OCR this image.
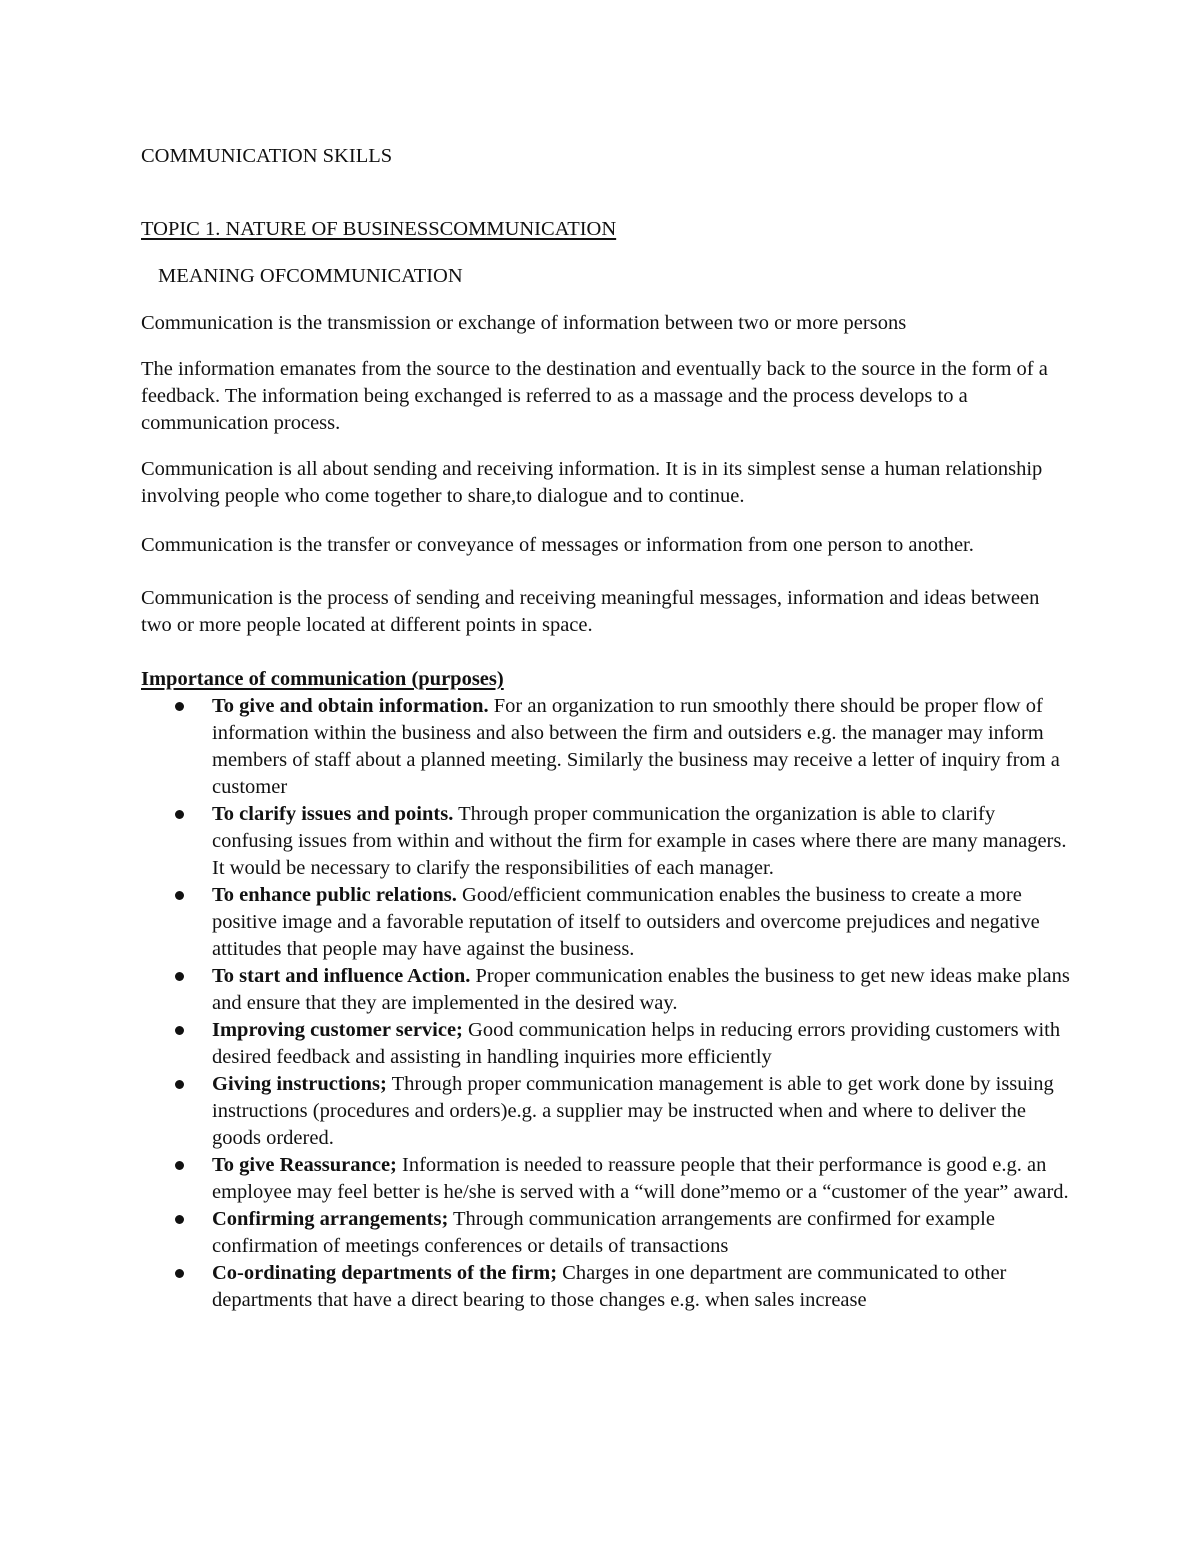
COMMUNICATION SKILLS
TOPIC 1. NATURE OF BUSINESSCOMMUNICATION
MEANING OFCOMMUNICATION

Communication is the transmission or exchange of information between two or more persons

The information emanates from the source to the destination and eventually back to the source in the form of a feedback. The information being exchanged is referred to as a massage and the process develops to a communication process.

Communication is all about sending and receiving information. It is in its simplest sense a human relationship involving people who come together to share,to dialogue and to continue.

Communication is the transfer or conveyance of messages or information from one person to another.

Communication is the process of sending and receiving meaningful messages, information and ideas between two or more people located at different points in space.

Importance of communication (purposes)
To give and obtain information. For an organization to run smoothly there should be proper flow of information within the business and also between the firm and outsiders e.g. the manager may inform members of staff about a planned meeting. Similarly the business may receive a letter of inquiry from a customer
To clarify issues and points. Through proper communication the organization is able to clarify confusing issues from within and without the firm for example in cases where there are many managers. It would be necessary to clarify the responsibilities of each manager.
To enhance public relations. Good/efficient communication enables the business to create a more positive image and a favorable reputation of itself to outsiders and overcome prejudices and negative attitudes that people may have against the business.
To start and influence Action. Proper communication enables the business to get new ideas make plans and ensure that they are implemented in the desired way.
Improving customer service; Good communication helps in reducing errors providing customers with desired feedback and assisting in handling inquiries more efficiently
Giving instructions; Through proper communication management is able to get work done by issuing instructions (procedures and orders)e.g. a supplier may be instructed when and where to deliver the goods ordered.
To give Reassurance; Information is needed to reassure people that their performance is good e.g. an employee may feel better is he/she is served with a “will done”memo or a “customer of the year” award.
Confirming arrangements; Through communication arrangements are confirmed for example confirmation of meetings conferences or details of transactions
Co-ordinating departments of the firm; Charges in one department are communicated to other departments that have a direct bearing to those changes e.g. when sales increase
